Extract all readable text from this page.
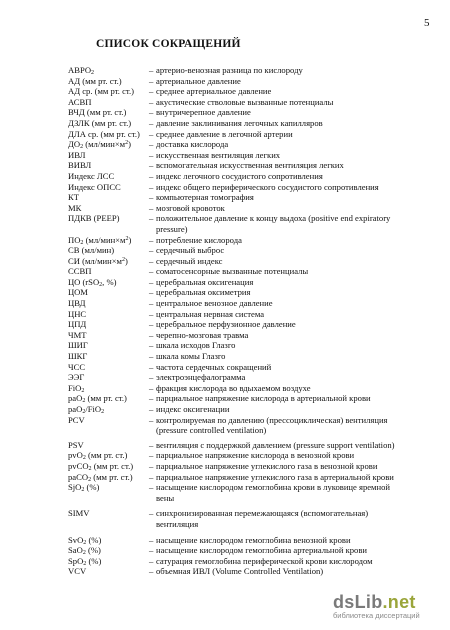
5
СПИСОК СОКРАЩЕНИЙ
$АВРО_2$	– артерио-венозная разница по кислороду
АД (мм рт. ст.)	– артериальное давление
АД ср. (мм рт. ст.)	– среднее артериальное давление
АСВП	– акустические стволовые вызванные потенциалы
ВЧД (мм рт. ст.)	– внутричерепное давление
ДЗЛК (мм рт. ст.)	– давление заклинивания легочных капилляров
ДЛА ср. (мм рт. ст.)	– среднее давление в легочной артерии
$ДО_2$ $(мл/мин\times м^2)$	– доставка кислорода
ИВЛ	– искусственная вентиляция легких
ВИВЛ	– вспомогательная искусственная вентиляция легких
Индекс ЛСС	– индекс легочного сосудистого сопротивления
Индекс ОПСС	– индекс общего периферического сосудистого сопротивления
КТ	– компьютерная томография
МК	– мозговой кровоток
ПДКВ (PEEP)	– положительное давление к концу выдоха (positive end expiratory
pressure)
$ПО_2$ $(мл/мин\times м^2)$	– потребление кислорода
СВ (мл/мин)	– сердечный выброс
СИ $(мл/мин\times м^2)$	– сердечный индекс
ССВП	– соматосенсорные вызванные потенциалы
ЦО (rSO$_2$, %)	– церебральная оксигенация
ЦОМ	– церебральная оксиметрия
ЦВД	– центральное венозное давление
ЦНС	– центральная нервная система
ЦПД	– церебральное перфузионное давление
ЧМТ	– черепно-мозговая травма
ШИГ	– шкала исходов Глазго
ШКГ	– шкала комы Глазго
ЧСС	– частота сердечных сокращений
ЭЭГ	– электроэнцефалограмма
FiO$_2$	– фракция кислорода во вдыхаемом воздухе
paO$_2$ (мм рт. ст.)	– парциальное напряжение кислорода в артериальной крови
paO$_2$/FiO$_2$	– индекс оксигенации
PCV	– контролируемая по давлению (прессоциклическая) вентиляция
(pressure controlled ventilation)
PSV	– вентиляция с поддержкой давлением (pressure support ventilation)
pvO$_2$ (мм рт. ст.)	– парциальное напряжение кислорода в венозной крови
pvCO$_2$ (мм рт. ст.)	– парциальное напряжение углекислого газа в венозной крови
paCO$_2$ (мм рт. ст.)	– парциальное напряжение углекислого газа в артериальной крови
SjO$_2$ (%)	– насыщение кислородом гемоглобина крови в луковице яремной
вены
SIMV	– синхронизированная перемежающаяся (вспомогательная)
вентиляция
SvO$_2$ (%)	– насыщение кислородом гемоглобина венозной крови
SaO$_2$ (%)	– насыщение кислородом гемоглобина артериальной крови
SpO$_2$ (%)	– сатурация гемоглобина периферической крови кислородом
VCV	– объемная ИВЛ (Volume Controlled Ventilation)
dsLib.net
библиотека диссертаций
